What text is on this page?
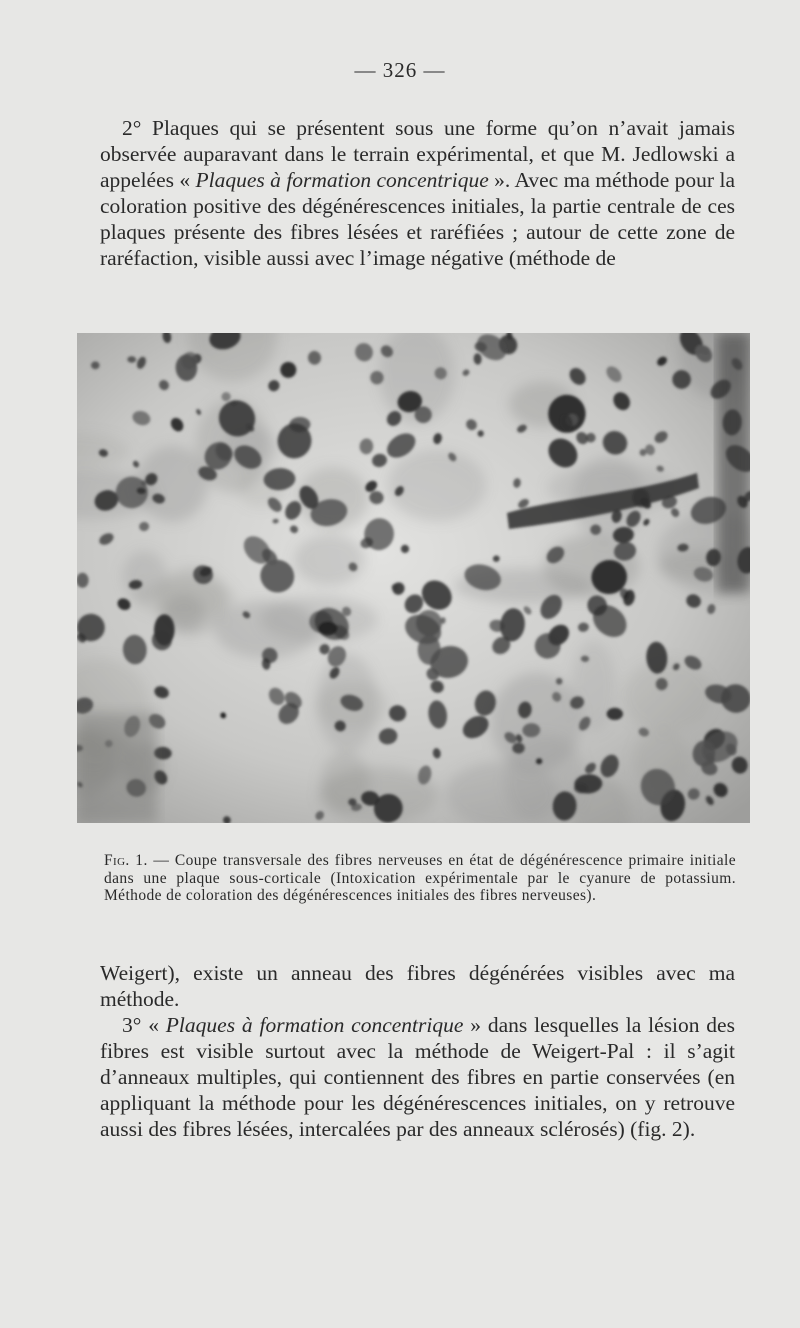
— 326 —

2° Plaques qui se présentent sous une forme qu’on n’avait jamais observée auparavant dans le terrain expérimental, et que M. Jedlowski a appelées « Plaques à formation concentrique ». Avec ma méthode pour la coloration positive des dégénérescences initiales, la partie centrale de ces plaques présente des fibres lésées et raréfiées ; autour de cette zone de raréfaction, visible aussi avec l’image négative (méthode de

Fig. 1. — Coupe transversale des fibres nerveuses en état de dégénérescence primaire initiale dans une plaque sous-corticale (Intoxication expérimentale par le cyanure de potassium. Méthode de coloration des dégénérescences initiales des fibres nerveuses).

Weigert), existe un anneau des fibres dégénérées visibles avec ma méthode.

3° « Plaques à formation concentrique » dans lesquelles la lésion des fibres est visible surtout avec la méthode de Weigert-Pal : il s’agit d’anneaux multiples, qui contiennent des fibres en partie conservées (en appliquant la méthode pour les dégénérescences initiales, on y retrouve aussi des fibres lésées, intercalées par des anneaux sclérosés) (fig. 2).
